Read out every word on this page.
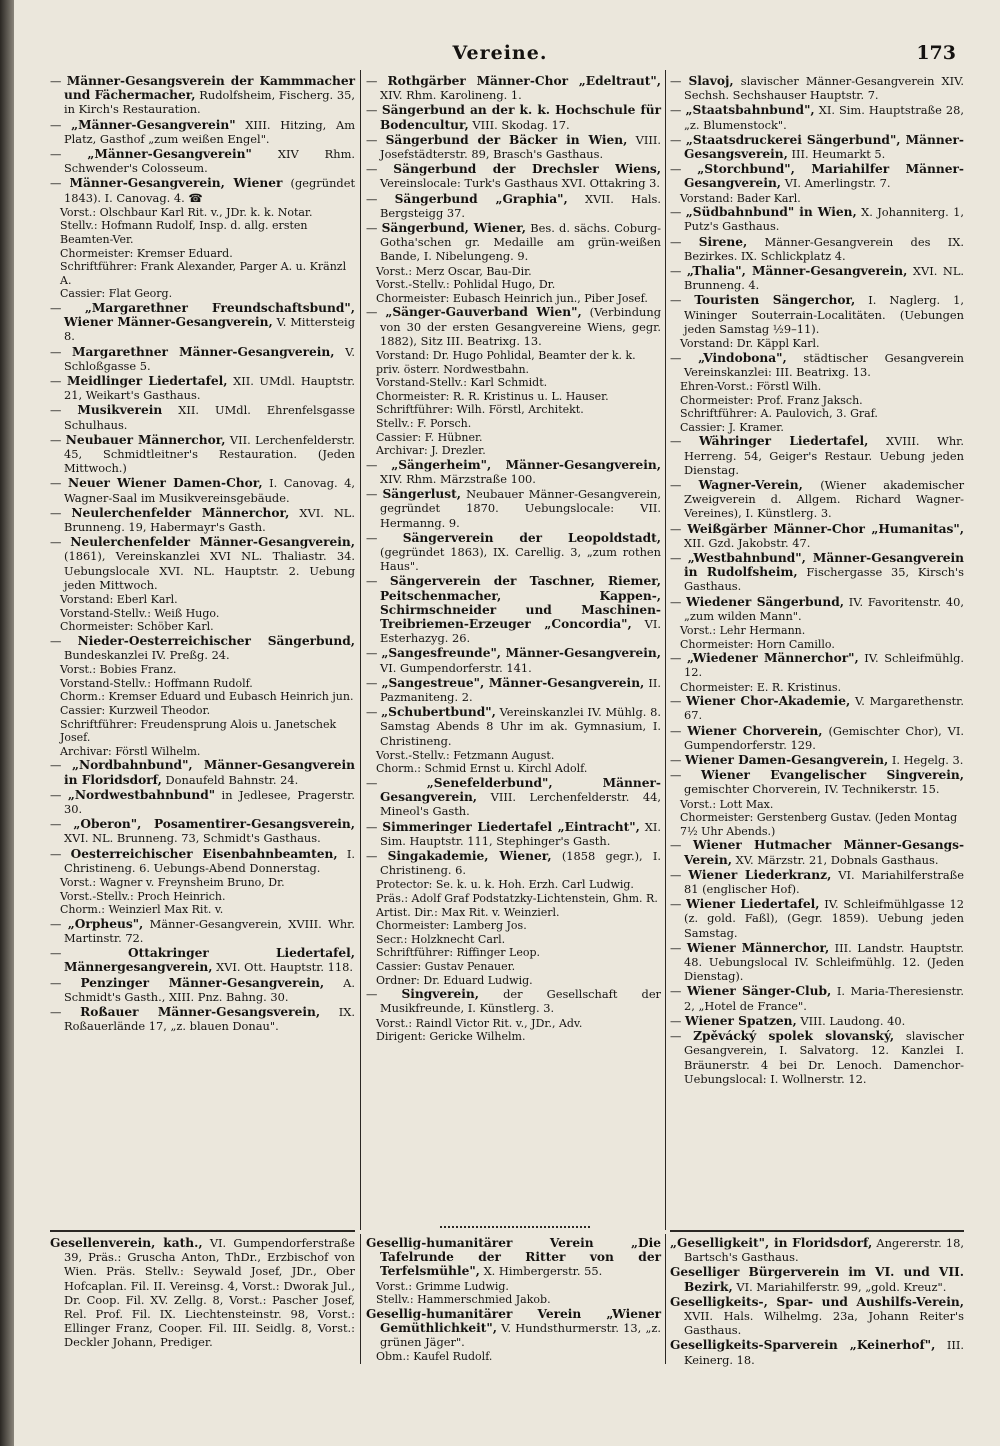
Vereine.	173
— Männer-Gesangsverein der Kammmacher und Fächermacher, Rudolfsheim, Fischerg. 35, in Kirch's Restauration.
— „Männer-Gesangverein" XIII. Hitzing, Am Platz, Gasthof „zum weißen Engel".
— „Männer-Gesangverein" XIV Rhm. Schwender's Colosseum.
— Männer-Gesangverein, Wiener (gegründet 1843). I. Canovag. 4. ☎
Vorst.: Olschbaur Karl Rit. v., JDr. k. k. Notar.
Stellv.: Hofmann Rudolf, Insp. d. allg. ersten Beamten-Ver.
Chormeister: Kremser Eduard.
Schriftführer: Frank Alexander, Parger A. u. Kränzl A.
Cassier: Flat Georg.
— „Margarethner Freundschaftsbund", Wiener Männer-Gesangverein, V. Mittersteig 8.
— Margarethner Männer-Gesangverein, V. Schloßgasse 5.
— Meidlinger Liedertafel, XII. UMdl. Hauptstr. 21, Weikart's Gasthaus.
— Musikverein XII. UMdl. Ehrenfelsgasse Schulhaus.
— Neubauer Männerchor, VII. Lerchenfelderstr. 45, Schmidtleitner's Restauration. (Jeden Mittwoch.)
— Neuer Wiener Damen-Chor, I. Canovag. 4, Wagner-Saal im Musikvereinsgebäude.
— Neulerchenfelder Männerchor, XVI. NL. Brunneng. 19, Habermayr's Gasth.
— Neulerchenfelder Männer-Gesangverein, (1861), Vereinskanzlei XVI NL. Thaliastr. 34. Uebungslocale XVI. NL. Hauptstr. 2. Uebung jeden Mittwoch.
Vorstand: Eberl Karl.
Vorstand-Stellv.: Weiß Hugo.
Chormeister: Schöber Karl.
— Nieder-Oesterreichischer Sängerbund, Bundeskanzlei IV. Preßg. 24.
Vorst.: Bobies Franz.
Vorstand-Stellv.: Hoffmann Rudolf.
Chorm.: Kremser Eduard und Eubasch Heinrich jun.
Cassier: Kurzweil Theodor.
Schriftführer: Freudensprung Alois u. Janetschek Josef.
Archivar: Förstl Wilhelm.
— „Nordbahnbund", Männer-Gesangverein in Floridsdorf, Donaufeld Bahnstr. 24.
— „Nordwestbahnbund" in Jedlesee, Pragerstr. 30.
— „Oberon", Posamentirer-Gesangsverein, XVI. NL. Brunneng. 73, Schmidt's Gasthaus.
— Oesterreichischer Eisenbahnbeamten, I. Christineng. 6. Uebungs-Abend Donnerstag.
Vorst.: Wagner v. Freynsheim Bruno, Dr.
Vorst.-Stellv.: Proch Heinrich.
Chorm.: Weinzierl Max Rit. v.
— „Orpheus", Männer-Gesangverein, XVIII. Whr. Martinstr. 72.
— Ottakringer Liedertafel, Männergesangverein, XVI. Ott. Hauptstr. 118.
— Penzinger Männer-Gesangverein, A. Schmidt's Gasth., XIII. Pnz. Bahng. 30.
— Roßauer Männer-Gesangsverein, IX. Roßauerlände 17, „z. blauen Donau".
— Rothgärber Männer-Chor „Edeltraut", XIV. Rhm. Karolineng. 1.
— Sängerbund an der k. k. Hochschule für Bodencultur, VIII. Skodag. 17.
— Sängerbund der Bäcker in Wien, VIII. Josefstädterstr. 89, Brasch's Gasthaus.
— Sängerbund der Drechsler Wiens, Vereinslocale: Turk's Gasthaus XVI. Ottakring 3.
— Sängerbund „Graphia", XVII. Hals. Bergsteigg 37.
— Sängerbund, Wiener, Bes. d. sächs. Coburg-Gotha'schen gr. Medaille am grün-weißen Bande, I. Nibelungeng. 9.
Vorst.: Merz Oscar, Bau-Dir.
Vorst.-Stellv.: Pohlidal Hugo, Dr.
Chormeister: Eubasch Heinrich jun., Piber Josef.
— „Sänger-Gauverband Wien", (Verbindung von 30 der ersten Gesangvereine Wiens, gegr. 1882), Sitz III. Beatrixg. 13.
Vorstand: Dr. Hugo Pohlidal, Beamter der k. k. priv. österr. Nordwestbahn.
Vorstand-Stellv.: Karl Schmidt.
Chormeister: R. R. Kristinus u. L. Hauser.
Schriftführer: Wilh. Förstl, Architekt.
Stellv.: F. Porsch.
Cassier: F. Hübner.
Archivar: J. Drezler.
— „Sängerheim", Männer-Gesangverein, XIV. Rhm. Märzstraße 100.
— Sängerlust, Neubauer Männer-Gesangverein, gegründet 1870. Uebungslocale: VII. Hermanng. 9.
— Sängerverein der Leopoldstadt, (gegründet 1863), IX. Carellig. 3, „zum rothen Haus".
— Sängerverein der Taschner, Riemer, Peitschenmacher, Kappen-, Schirmschneider und Maschinen-Treibriemen-Erzeuger „Concordia", VI. Esterhazyg. 26.
— „Sangesfreunde", Männer-Gesangverein, VI. Gumpendorferstr. 141.
— „Sangestreue", Männer-Gesangverein, II. Pazmaniteng. 2.
— „Schubertbund", Vereinskanzlei IV. Mühlg. 8. Samstag Abends 8 Uhr im ak. Gymnasium, I. Christineng.
Vorst.-Stellv.: Fetzmann August.
Chorm.: Schmid Ernst u. Kirchl Adolf.
— „Senefelderbund", Männer-Gesangverein, VIII. Lerchenfelderstr. 44, Mineol's Gasth.
— Simmeringer Liedertafel „Eintracht", XI. Sim. Hauptstr. 111, Stephinger's Gasth.
— Singakademie, Wiener, (1858 gegr.), I. Christineng. 6.
Protector: Se. k. u. k. Hoh. Erzh. Carl Ludwig.
Präs.: Adolf Graf Podstatzky-Lichtenstein, Ghm. R.
Artist. Dir.: Max Rit. v. Weinzierl.
Chormeister: Lamberg Jos.
Secr.: Holzknecht Carl.
Schriftführer: Riffinger Leop.
Cassier: Gustav Penauer.
Ordner: Dr. Eduard Ludwig.
— Singverein, der Gesellschaft der Musikfreunde, I. Künstlerg. 3.
Vorst.: Raindl Victor Rit. v., JDr., Adv.
Dirigent: Gericke Wilhelm.
— Slavoj, slavischer Männer-Gesangverein XIV. Sechsh. Sechshauser Hauptstr. 7.
— „Staatsbahnbund", XI. Sim. Hauptstraße 28, „z. Blumenstock".
— „Staatsdruckerei Sängerbund", Männer-Gesangsverein, III. Heumarkt 5.
— „Storchbund", Mariahilfer Männer-Gesangverein, VI. Amerlingstr. 7.
Vorstand: Bader Karl.
— „Südbahnbund" in Wien, X. Johanniterg. 1, Putz's Gasthaus.
— Sirene, Männer-Gesangverein des IX. Bezirkes. IX. Schlickplatz 4.
— „Thalia", Männer-Gesangverein, XVI. NL. Brunneng. 4.
— Touristen Sängerchor, I. Naglerg. 1, Wininger Souterrain-Localitäten. (Uebungen jeden Samstag ½9–11).
Vorstand: Dr. Käppl Karl.
— „Vindobona", städtischer Gesangverein Vereinskanzlei: III. Beatrixg. 13.
Ehren-Vorst.: Förstl Wilh.
Chormeister: Prof. Franz Jaksch.
Schriftführer: A. Paulovich, 3. Graf.
Cassier: J. Kramer.
— Währinger Liedertafel, XVIII. Whr. Herreng. 54, Geiger's Restaur. Uebung jeden Dienstag.
— Wagner-Verein, (Wiener akademischer Zweigverein d. Allgem. Richard Wagner-Vereines), I. Künstlerg. 3.
— Weißgärber Männer-Chor „Humanitas", XII. Gzd. Jakobstr. 47.
— „Westbahnbund", Männer-Gesangverein in Rudolfsheim, Fischergasse 35, Kirsch's Gasthaus.
— Wiedener Sängerbund, IV. Favoritenstr. 40, „zum wilden Mann".
Vorst.: Lehr Hermann.
Chormeister: Horn Camillo.
— „Wiedener Männerchor", IV. Schleifmühlg. 12.
Chormeister: E. R. Kristinus.
— Wiener Chor-Akademie, V. Margarethenstr. 67.
— Wiener Chorverein, (Gemischter Chor), VI. Gumpendorferstr. 129.
— Wiener Damen-Gesangverein, I. Hegelg. 3.
— Wiener Evangelischer Singverein, gemischter Chorverein, IV. Technikerstr. 15.
Vorst.: Lott Max.
Chormeister: Gerstenberg Gustav. (Jeden Montag 7½ Uhr Abends.)
— Wiener Hutmacher Männer-Gesangs-Verein, XV. Märzstr. 21, Dobnals Gasthaus.
— Wiener Liederkranz, VI. Mariahilferstraße 81 (englischer Hof).
— Wiener Liedertafel, IV. Schleifmühlgasse 12 (z. gold. Faßl), (Gegr. 1859). Uebung jeden Samstag.
— Wiener Männerchor, III. Landstr. Hauptstr. 48. Uebungslocal IV. Schleifmühlg. 12. (Jeden Dienstag).
— Wiener Sänger-Club, I. Maria-Theresienstr. 2, „Hotel de France".
— Wiener Spatzen, VIII. Laudong. 40.
— Zpěvácký spolek slovanský, slavischer Gesangverein, I. Salvatorg. 12. Kanzlei I. Bräunerstr. 4 bei Dr. Lenoch. Damenchor-Uebungslocal: I. Wollnerstr. 12.
Gesellenverein, kath., VI. Gumpendorferstraße 39, Präs.: Gruscha Anton, ThDr., Erzbischof von Wien. Präs. Stellv.: Seywald Josef, JDr., Ober Hofcaplan. Fil. II. Vereinsg. 4, Vorst.: Dworak Jul., Dr. Coop. Fil. XV. Zellg. 8, Vorst.: Pascher Josef, Rel. Prof. Fil. IX. Liechtensteinstr. 98, Vorst.: Ellinger Franz, Cooper. Fil. III. Seidlg. 8, Vorst.: Deckler Johann, Prediger.
Gesellig-humanitärer Verein „Die Tafelrunde der Ritter von der Terfelsmühle", X. Himbergerstr. 55.
Vorst.: Grimme Ludwig.
Stellv.: Hammerschmied Jakob.
Gesellig-humanitärer Verein „Wiener Gemüthlichkeit", V. Hundsthurmerstr. 13, „z. grünen Jäger".
Obm.: Kaufel Rudolf.
„Geselligkeit", in Floridsdorf, Angererstr. 18, Bartsch's Gasthaus.
Geselliger Bürgerverein im VI. und VII. Bezirk, VI. Mariahilferstr. 99, „gold. Kreuz".
Geselligkeits-, Spar- und Aushilfs-Verein, XVII. Hals. Wilhelmg. 23a, Johann Reiter's Gasthaus.
Geselligkeits-Sparverein „Keinerhof", III. Keinerg. 18.
